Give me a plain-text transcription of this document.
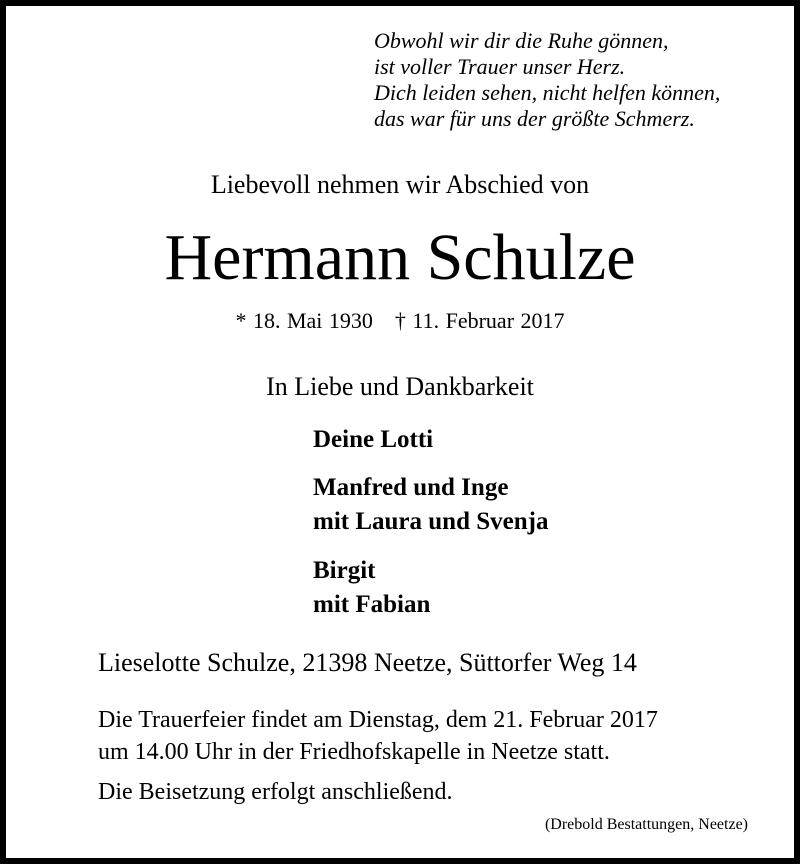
Obwohl wir dir die Ruhe gönnen,
ist voller Trauer unser Herz.
Dich leiden sehen, nicht helfen können,
das war für uns der größte Schmerz.
Liebevoll nehmen wir Abschied von
Hermann Schulze
* 18. Mai 1930 † 11. Februar 2017
In Liebe und Dankbarkeit
Deine Lotti
Manfred und Inge
mit Laura und Svenja
Birgit
mit Fabian
Lieselotte Schulze, 21398 Neetze, Süttorfer Weg 14
Die Trauerfeier findet am Dienstag, dem 21. Februar 2017
um 14.00 Uhr in der Friedhofskapelle in Neetze statt.
Die Beisetzung erfolgt anschließend.
(Drebold Bestattungen, Neetze)
